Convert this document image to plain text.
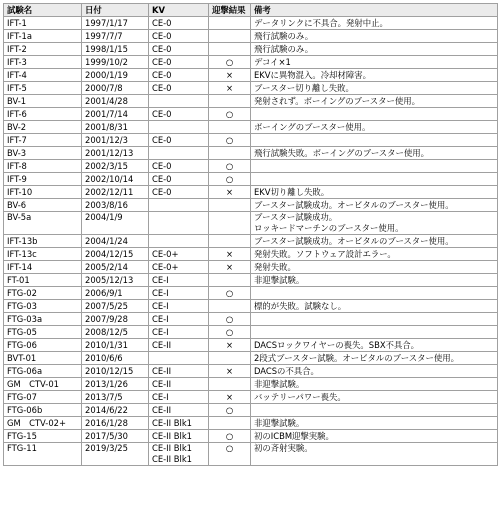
試験名	日付	KV	迎撃結果	備考

IFT-1	1997/1/17	CE-0		データリンクに不具合。発射中止。

IFT-1a	1997/7/7	CE-0		飛行試験のみ。

IFT-2	1998/1/15	CE-0		飛行試験のみ。

IFT-3	1999/10/2	CE-0	○	デコイ×1

IFT-4	2000/1/19	CE-0	×	EKVに異物混入。冷却材障害。

IFT-5	2000/7/8	CE-0	×	ブースター切り離し失敗。

BV-1	2001/4/28			発射されず。ボーイングのブースター使用。

IFT-6	2001/7/14	CE-0	○	

BV-2	2001/8/31			ボーイングのブースター使用。

IFT-7	2001/12/3	CE-0	○	

BV-3	2001/12/13			飛行試験失敗。ボーイングのブースター使用。

IFT-8	2002/3/15	CE-0	○	

IFT-9	2002/10/14	CE-0	○	

IFT-10	2002/12/11	CE-0	×	EKV切り離し失敗。

BV-6	2003/8/16			ブースター試験成功。オービタルのブースター使用。

BV-5a	2004/1/9			ブースター試験成功。
ロッキードマーチンのブースター使用。

IFT-13b	2004/1/24			ブースター試験成功。オービタルのブースター使用。

IFT-13c	2004/12/15	CE-0+	×	発射失敗。ソフトウェア設計エラー。

IFT-14	2005/2/14	CE-0+	×	発射失敗。

FT-01	2005/12/13	CE-I		非迎撃試験。

FTG-02	2006/9/1	CE-I	○	

FTG-03	2007/5/25	CE-I		標的が失敗。試験なし。

FTG-03a	2007/9/28	CE-I	○	

FTG-05	2008/12/5	CE-I	○	

FTG-06	2010/1/31	CE-II	×	DACSロックワイヤーの喪失。SBX不具合。

BVT-01	2010/6/6			2段式ブースター試験。オービタルのブースター使用。

FTG-06a	2010/12/15	CE-II	×	DACSの不具合。

GM　CTV-01	2013/1/26	CE-II		非迎撃試験。

FTG-07	2013/7/5	CE-I	×	バッテリーパワー喪失。

FTG-06b	2014/6/22	CE-II	○	

GM　CTV-02+	2016/1/28	CE-II Blk1		非迎撃試験。

FTG-15	2017/5/30	CE-II Blk1	○	初のICBM迎撃実験。

FTG-11	2019/3/25	CE-II Blk1
CE-II Blk1	○	初の斉射実験。
